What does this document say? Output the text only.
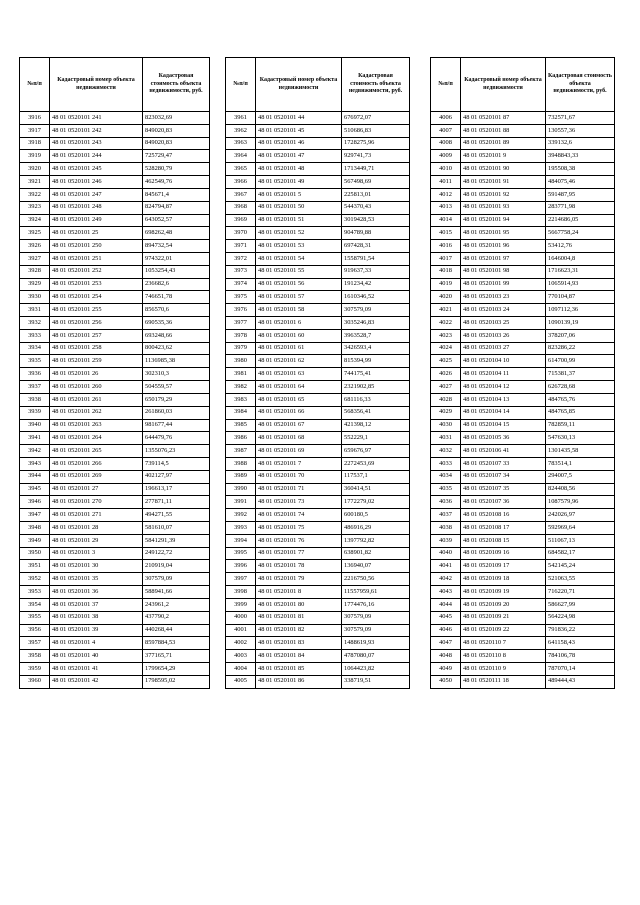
№п/п	Кадастровый номер объекта недвижимости	Кадастровая стоимость объекта недвижимости, руб.
3916	48 01 0520101 241	823032,69
3917	48 01 0520101 242	849020,83
3918	48 01 0520101 243	849020,83
3919	48 01 0520101 244	725729,47
3920	48 01 0520101 245	528280,79
3921	48 01 0520101 246	462549,76
3922	48 01 0520101 247	845671,4
3923	48 01 0520101 248	824794,87
3924	48 01 0520101 249	643052,57
3925	48 01 0520101 25	698262,48
3926	48 01 0520101 250	894732,54
3927	48 01 0520101 251	974322,01
3928	48 01 0520101 252	1053254,43
3929	48 01 0520101 253	236682,6
3930	48 01 0520101 254	746651,78
3931	48 01 0520101 255	856570,6
3932	48 01 0520101 256	690535,36
3933	48 01 0520101 257	693248,66
3934	48 01 0520101 258	800423,62
3935	48 01 0520101 259	1136985,38
3936	48 01 0520101 26	302310,3
3937	48 01 0520101 260	504559,57
3938	48 01 0520101 261	650179,29
3939	48 01 0520101 262	261860,03
3940	48 01 0520101 263	981677,44
3941	48 01 0520101 264	644479,76
3942	48 01 0520101 265	1355076,23
3943	48 01 0520101 266	739114,5
3944	48 01 0520101 269	402127,97
3945	48 01 0520101 27	196613,17
3946	48 01 0520101 270	277871,11
3947	48 01 0520101 271	494271,55
3948	48 01 0520101 28	581610,07
3949	48 01 0520101 29	5841291,39
3950	48 01 0520101 3	249122,72
3951	48 01 0520101 30	210919,04
3952	48 01 0520101 35	307579,09
3953	48 01 0520101 36	588941,66
3954	48 01 0520101 37	243961,2
3955	48 01 0520101 38	437790,2
3956	48 01 0520101 39	440268,44
3957	48 01 0520101 4	8597884,53
3958	48 01 0520101 40	377165,71
3959	48 01 0520101 41	1799654,29
3960	48 01 0520101 42	1798595,02
№п/п	Кадастровый номер объекта недвижимости	Кадастровая стоимость объекта недвижимости, руб.
3961	48 01 0520101 44	676972,07
3962	48 01 0520101 45	510686,83
3963	48 01 0520101 46	1728275,96
3964	48 01 0520101 47	929741,73
3965	48 01 0520101 48	1713449,71
3966	48 01 0520101 49	567498,69
3967	48 01 0520101 5	225813,01
3968	48 01 0520101 50	544370,43
3969	48 01 0520101 51	3019428,53
3970	48 01 0520101 52	904789,88
3971	48 01 0520101 53	697428,31
3972	48 01 0520101 54	1558791,54
3973	48 01 0520101 55	919637,33
3974	48 01 0520101 56	191234,42
3975	48 01 0520101 57	1610346,52
3976	48 01 0520101 58	307579,09
3977	48 01 0520101 6	3035246,83
3978	48 01 0520101 60	3963528,7
3979	48 01 0520101 61	3426593,4
3980	48 01 0520101 62	815394,99
3981	48 01 0520101 63	744175,41
3982	48 01 0520101 64	2321902,85
3983	48 01 0520101 65	681116,33
3984	48 01 0520101 66	568356,41
3985	48 01 0520101 67	421398,12
3986	48 01 0520101 68	552229,1
3987	48 01 0520101 69	659676,97
3988	48 01 0520101 7	2272453,69
3989	48 01 0520101 70	117537,1
3990	48 01 0520101 71	360414,51
3991	48 01 0520101 73	1772279,02
3992	48 01 0520101 74	600180,5
3993	48 01 0520101 75	486916,29
3994	48 01 0520101 76	1397792,82
3995	48 01 0520101 77	638901,82
3996	48 01 0520101 78	136940,07
3997	48 01 0520101 79	2216750,56
3998	48 01 0520101 8	11557959,61
3999	48 01 0520101 80	1774476,16
4000	48 01 0520101 81	307579,09
4001	48 01 0520101 82	307579,09
4002	48 01 0520101 83	1488619,93
4003	48 01 0520101 84	4787080,07
4004	48 01 0520101 85	1064423,82
4005	48 01 0520101 86	338719,51
№п/п	Кадастровый номер объекта недвижимости	Кадастровая стоимость объекта недвижимости, руб.
4006	48 01 0520101 87	732571,67
4007	48 01 0520101 88	130557,36
4008	48 01 0520101 89	339132,6
4009	48 01 0520101 9	3948843,33
4010	48 01 0520101 90	195508,38
4011	48 01 0520101 91	484075,46
4012	48 01 0520101 92	591487,95
4013	48 01 0520101 93	283771,98
4014	48 01 0520101 94	2214686,05
4015	48 01 0520101 95	5667758,24
4016	48 01 0520101 96	53412,76
4017	48 01 0520101 97	1646004,8
4018	48 01 0520101 98	1716623,31
4019	48 01 0520101 99	1065914,93
4020	48 01 0520103 23	770104,87
4021	48 01 0520103 24	1097112,36
4022	48 01 0520103 25	1090139,19
4023	48 01 0520103 26	378207,06
4024	48 01 0520103 27	823286,22
4025	48 01 0520104 10	614700,99
4026	48 01 0520104 11	715381,37
4027	48 01 0520104 12	626728,68
4028	48 01 0520104 13	484765,76
4029	48 01 0520104 14	484765,85
4030	48 01 0520104 15	782859,11
4031	48 01 0520105 36	547630,13
4032	48 01 0520106 41	1301435,58
4033	48 01 0520107 33	783514,1
4034	48 01 0520107 34	294007,5
4035	48 01 0520107 35	824408,56
4036	48 01 0520107 36	1087579,96
4037	48 01 0520108 16	242026,97
4038	48 01 0520108 17	592969,64
4039	48 01 0520108 15	511067,13
4040	48 01 0520109 16	684582,17
4041	48 01 0520109 17	542145,24
4042	48 01 0520109 18	521063,55
4043	48 01 0520109 19	716220,71
4044	48 01 0520109 20	586627,99
4045	48 01 0520109 21	564224,98
4046	48 01 0520109 22	791836,22
4047	48 01 0520110 7	641158,43
4048	48 01 0520110 8	784106,78
4049	48 01 0520110 9	787070,14
4050	48 01 0520111 18	489444,43
